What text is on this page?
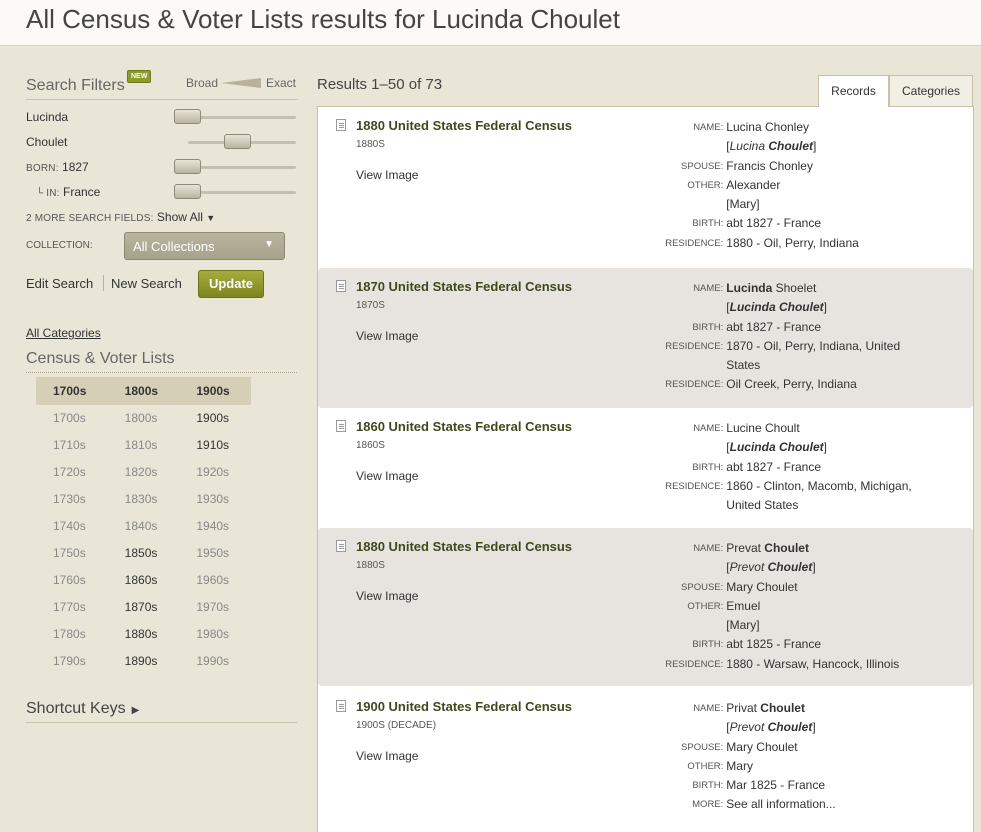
All Census & Voter Lists results for Lucinda Choulet
Search Filters
NEW	Broad	Exact
Lucinda
Choulet
BORN: 1827
└ IN: France
2 MORE SEARCH FIELDS: Show All ▼
COLLECTION:	All Collections	▼
Edit Search New Search	Update
All Categories
Census & Voter Lists
1700s	1800s	1900s
1700s	1800s	1900s
1710s	1810s	1910s
1720s	1820s	1920s
1730s	1830s	1930s
1740s	1840s	1940s
1750s	1850s	1950s
1760s	1860s	1960s
1770s	1870s	1970s
1780s	1880s	1980s
1790s	1890s	1990s
Shortcut Keys ▶
Results 1–50 of 73	Records	Categories
1880 United States Federal Census
1880S
View Image
NAME: Lucina Chonley
[Lucina Choulet]
SPOUSE: Francis Chonley
OTHER: Alexander
[Mary]
BIRTH: abt 1827 - France
RESIDENCE: 1880 - Oil, Perry, Indiana
1870 United States Federal Census
1870S
View Image
NAME: Lucinda Shoelet
[Lucinda Choulet]
BIRTH: abt 1827 - France
RESIDENCE: 1870 - Oil, Perry, Indiana, United
States
RESIDENCE: Oil Creek, Perry, Indiana
1860 United States Federal Census
1860S
View Image
NAME: Lucine Choult
[Lucinda Choulet]
BIRTH: abt 1827 - France
RESIDENCE: 1860 - Clinton, Macomb, Michigan,
United States
1880 United States Federal Census
1880S
View Image
NAME: Prevat Choulet
[Prevot Choulet]
SPOUSE: Mary Choulet
OTHER: Emuel
[Mary]
BIRTH: abt 1825 - France
RESIDENCE: 1880 - Warsaw, Hancock, Illinois
1900 United States Federal Census
1900S (DECADE)
View Image
NAME: Privat Choulet
[Prevot Choulet]
SPOUSE: Mary Choulet
OTHER: Mary
BIRTH: Mar 1825 - France
MORE: See all information...
